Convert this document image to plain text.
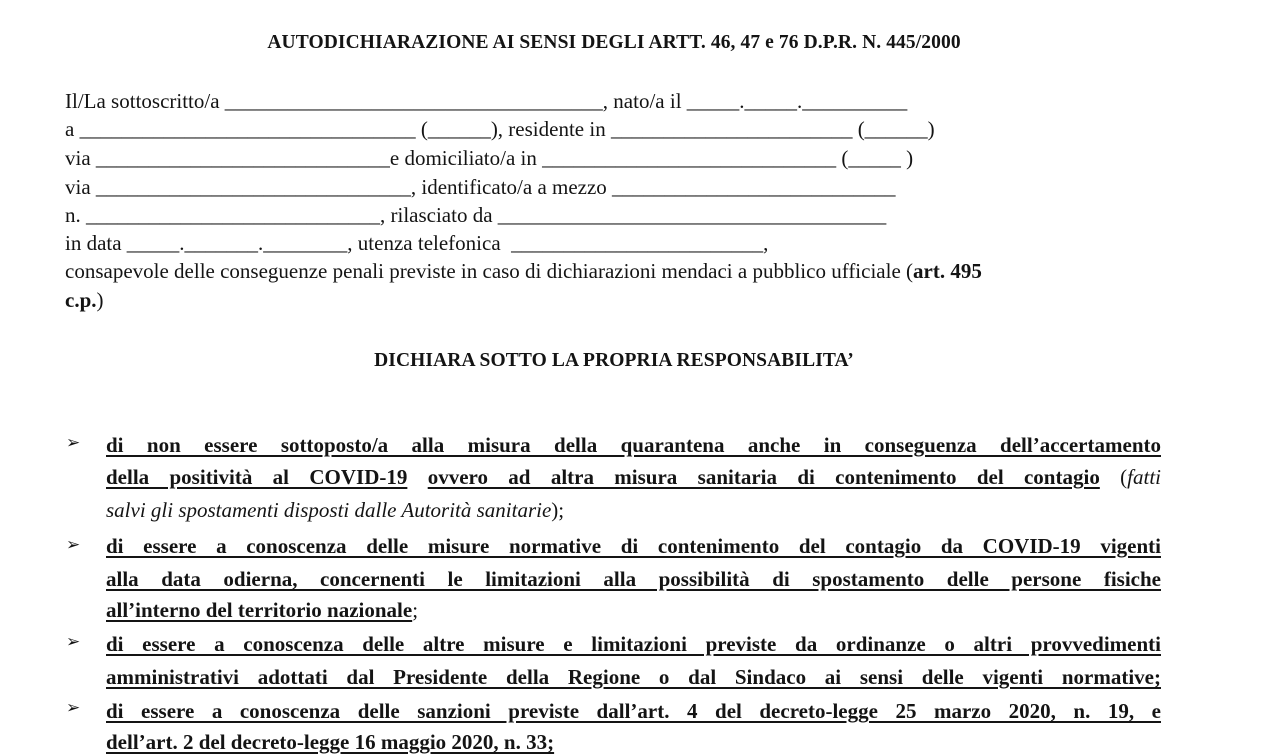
AUTODICHIARAZIONE AI SENSI DEGLI ARTT. 46, 47 e 76 D.P.R. N. 445/2000
Il/La sottoscritto/a ____________________________________, nato/a il _____._____.__________
a ________________________________ (______), residente in _______________________ (______)
via ____________________________e domiciliato/a in ____________________________ (_____ )
via ______________________________, identificato/a a mezzo ___________________________
n. ____________________________, rilasciato da _____________________________________
in data _____._______.________, utenza telefonica  ________________________,
consapevole delle conseguenze penali previste in caso di dichiarazioni mendaci a pubblico ufficiale (art. 495
c.p.)
DICHIARA SOTTO LA PROPRIA RESPONSABILITA’
➢ di non essere sottoposto/a alla misura della quarantena anche in conseguenza dell’accertamento
della positività al COVID-19 ovvero ad altra misura sanitaria di contenimento del contagio (fatti
salvi gli spostamenti disposti dalle Autorità sanitarie);
➢ di essere a conoscenza delle misure normative di contenimento del contagio da COVID-19 vigenti
alla data odierna, concernenti le limitazioni alla possibilità di spostamento delle persone fisiche
all’interno del territorio nazionale;
➢ di essere a conoscenza delle altre misure e limitazioni previste da ordinanze o altri provvedimenti
amministrativi adottati dal Presidente della Regione o dal Sindaco ai sensi delle vigenti normative;
➢ di essere a conoscenza delle sanzioni previste dall’art. 4 del decreto-legge 25 marzo 2020, n. 19, e
dell’art. 2 del decreto-legge 16 maggio 2020, n. 33;
